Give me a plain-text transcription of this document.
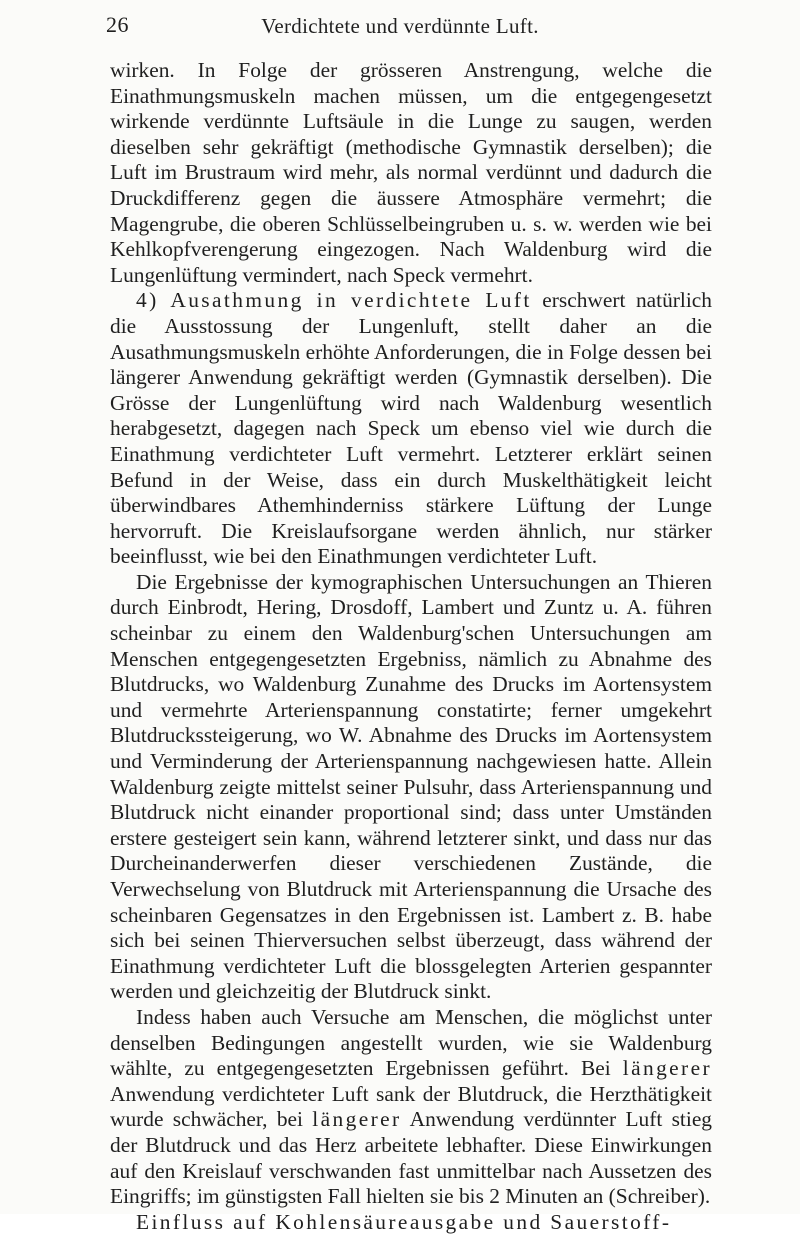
26	Verdichtete und verdünnte Luft.

wirken. In Folge der grösseren Anstrengung, welche die Einathmungsmuskeln machen müssen, um die entgegengesetzt wirkende verdünnte Luftsäule in die Lunge zu saugen, werden dieselben sehr gekräftigt (methodische Gymnastik derselben); die Luft im Brustraum wird mehr, als normal verdünnt und dadurch die Druckdifferenz gegen die äussere Atmosphäre vermehrt; die Magengrube, die oberen Schlüsselbeingruben u. s. w. werden wie bei Kehlkopfverengerung eingezogen. Nach Waldenburg wird die Lungenlüftung vermindert, nach Speck vermehrt.

4) Ausathmung in verdichtete Luft erschwert natürlich die Ausstossung der Lungenluft, stellt daher an die Ausathmungsmuskeln erhöhte Anforderungen, die in Folge dessen bei längerer Anwendung gekräftigt werden (Gymnastik derselben). Die Grösse der Lungenlüftung wird nach Waldenburg wesentlich herabgesetzt, dagegen nach Speck um ebenso viel wie durch die Einathmung verdichteter Luft vermehrt. Letzterer erklärt seinen Befund in der Weise, dass ein durch Muskelthätigkeit leicht überwindbares Athemhinderniss stärkere Lüftung der Lunge hervorruft. Die Kreislaufsorgane werden ähnlich, nur stärker beeinflusst, wie bei den Einathmungen verdichteter Luft.

Die Ergebnisse der kymographischen Untersuchungen an Thieren durch Einbrodt, Hering, Drosdoff, Lambert und Zuntz u. A. führen scheinbar zu einem den Waldenburg'schen Untersuchungen am Menschen entgegengesetzten Ergebniss, nämlich zu Abnahme des Blutdrucks, wo Waldenburg Zunahme des Drucks im Aortensystem und vermehrte Arterienspannung constatirte; ferner umgekehrt Blutdruckssteigerung, wo W. Abnahme des Drucks im Aortensystem und Verminderung der Arterienspannung nachgewiesen hatte. Allein Waldenburg zeigte mittelst seiner Pulsuhr, dass Arterienspannung und Blutdruck nicht einander proportional sind; dass unter Umständen erstere gesteigert sein kann, während letzterer sinkt, und dass nur das Durcheinanderwerfen dieser verschiedenen Zustände, die Verwechselung von Blutdruck mit Arterienspannung die Ursache des scheinbaren Gegensatzes in den Ergebnissen ist. Lambert z. B. habe sich bei seinen Thierversuchen selbst überzeugt, dass während der Einathmung verdichteter Luft die blossgelegten Arterien gespannter werden und gleichzeitig der Blutdruck sinkt.

Indess haben auch Versuche am Menschen, die möglichst unter denselben Bedingungen angestellt wurden, wie sie Waldenburg wählte, zu entgegengesetzten Ergebnissen geführt. Bei längerer Anwendung verdichteter Luft sank der Blutdruck, die Herzthätigkeit wurde schwächer, bei längerer Anwendung verdünnter Luft stieg der Blutdruck und das Herz arbeitete lebhafter. Diese Einwirkungen auf den Kreislauf verschwanden fast unmittelbar nach Aussetzen des Eingriffs; im günstigsten Fall hielten sie bis 2 Minuten an (Schreiber).

Einfluss auf Kohlensäureausgabe und Sauerstoff-
